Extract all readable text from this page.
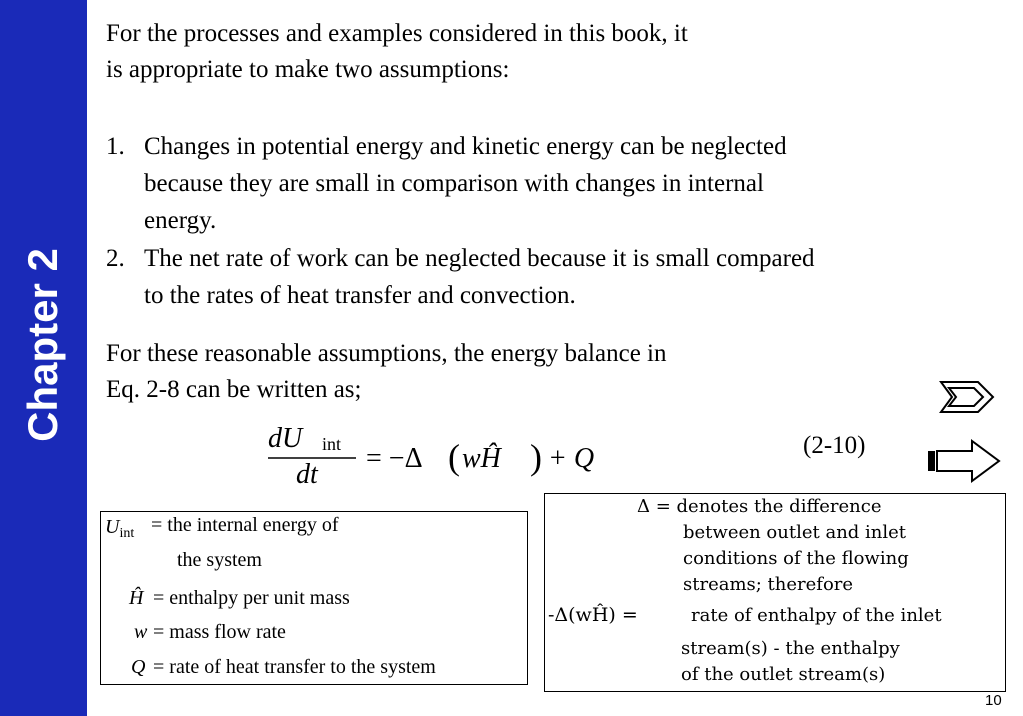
Chapter 2
For the processes and examples considered in this book, it
is appropriate to make two assumptions:
1. Changes in potential energy and kinetic energy can be neglected
because they are small in comparison with changes in internal
energy.
2. The net rate of work can be neglected because it is small compared
to the rates of heat transfer and convection.
For these reasonable assumptions, the energy balance in
Eq. 2-8 can be written as;
dU int
dt
= −Δ ( wĤ ) + Q	(2-10)
$U_{int}$ = the internal energy of
the system
Ĥ = enthalpy per unit mass
w = mass flow rate
Q = rate of heat transfer to the system
Δ = denotes the difference
between outlet and inlet
conditions of the flowing
streams; therefore
-Δ(wĤ) =	rate of enthalpy of the inlet
stream(s) - the enthalpy
of the outlet stream(s)
10
